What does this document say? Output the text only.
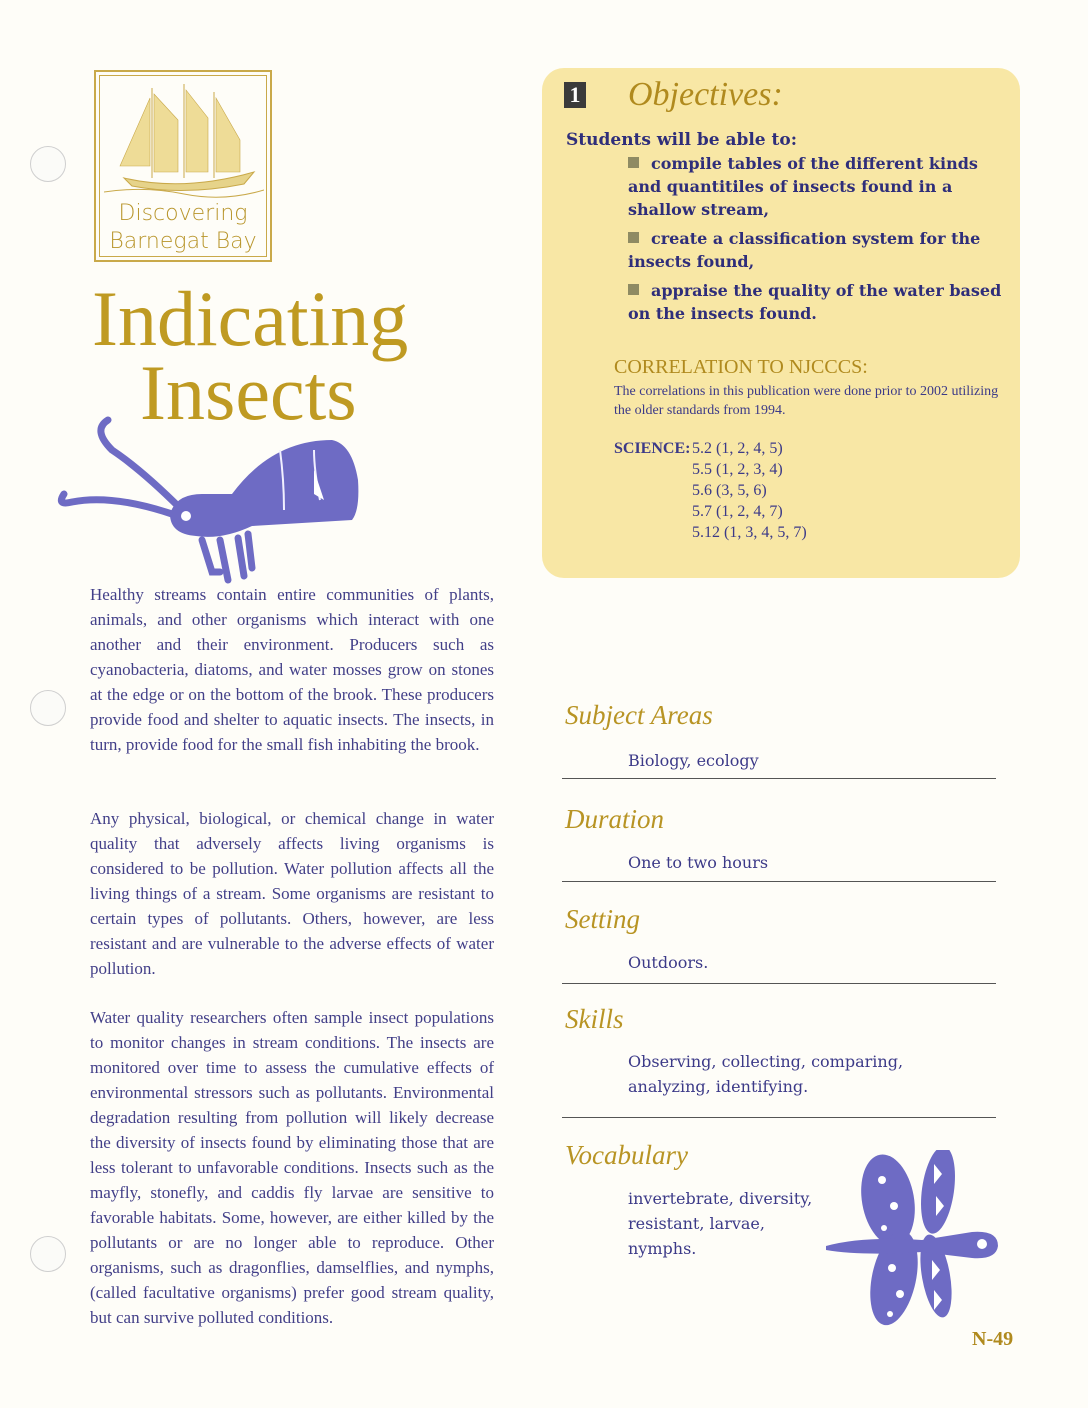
Discovering
Barnegat Bay
Indicating
Insects

Healthy streams contain entire communities of plants, animals, and other organisms which interact with one another and their environment. Producers such as cyanobacteria, diatoms, and water mosses grow on stones at the edge or on the bottom of the brook. These producers provide food and shelter to aquatic insects. The insects, in turn, provide food for the small fish inhabiting the brook.

Any physical, biological, or chemical change in water quality that adversely affects living organisms is considered to be pollution. Water pollution affects all the living things of a stream. Some organisms are resistant to certain types of pollutants. Others, however, are less resistant and are vulnerable to the adverse effects of water pollution.

Water quality researchers often sample insect populations to monitor changes in stream conditions. The insects are monitored over time to assess the cumulative effects of environmental stressors such as pollutants. Environmental degradation resulting from pollution will likely decrease the diversity of insects found by eliminating those that are less tolerant to unfavorable conditions. Insects such as the mayfly, stonefly, and caddis fly larvae are sensitive to favorable habitats. Some, however, are either killed by the pollutants or are no longer able to reproduce. Other organisms, such as dragonflies, damselflies, and nymphs, (called facultative organisms) prefer good stream quality, but can survive polluted conditions.

1 Objectives:
Students will be able to:
compile tables of the different kinds and quantitiles of insects found in a shallow stream,
create a classification system for the insects found,
appraise the quality of the water based on the insects found.
CORRELATION TO NJCCCS:
The correlations in this publication were done prior to 2002 utilizing the older standards from 1994.
SCIENCE: 5.2 (1, 2, 4, 5)
5.5 (1, 2, 3, 4)
5.6 (3, 5, 6)
5.7 (1, 2, 4, 7)
5.12 (1, 3, 4, 5, 7)
Subject Areas
Biology, ecology
Duration
One to two hours
Setting
Outdoors.
Skills
Observing, collecting, comparing, analyzing, identifying.
Vocabulary
invertebrate, diversity, resistant, larvae, nymphs.
N-49
